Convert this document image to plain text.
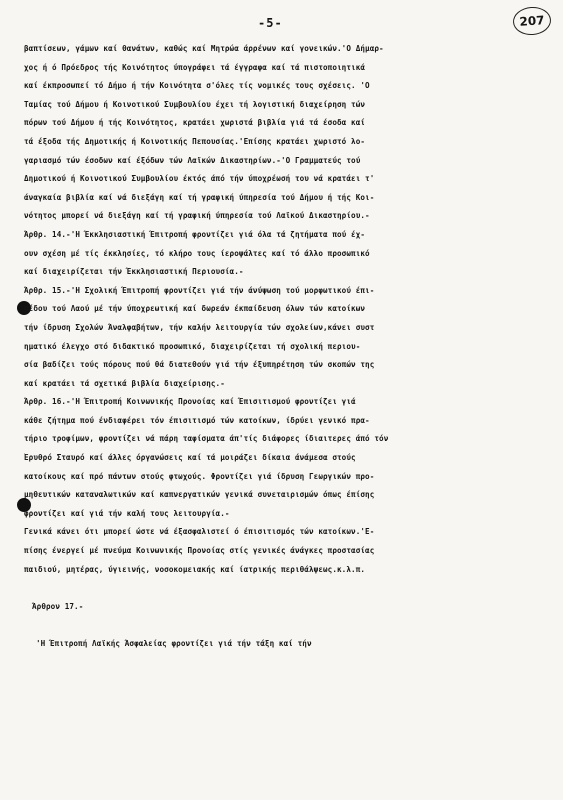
-5-	207
βαπτίσεων, γάμων καί θανάτων, καθώς καί Μητρώα άρρένων καί γονεικών.'Ο Δήμαρ-
χος ή ό Πρόεδρος τής Κοινότητος ύπογράφει τά έγγραφα καί τά πιστοποιητικά
καί έκπροσωπεί τό Δήμο ή τήν Κοινότητα σ'όλες τίς νομικές τους σχέσεις. 'Ο
Ταμίας τού Δήμου ή Κοινοτικού Συμβουλίου έχει τή λογιστική διαχείρηση τών
πόρων τού Δήμου ή τής Κοινότητος, κρατάει χωριστά βιβλία γιά τά έσοδα καί
τά έξοδα τής Δημοτικής ή Κοινοτικής Πεπουσίας.'Επίσης κρατάει χωριστό λο-
γαριασμό τών έσοδων καί έξόδων τών Λαϊκών Δικαστηρίων.-'Ο Γραμματεύς τού
Δημοτικού ή Κοινοτικού Συμβουλίου έκτός άπό τήν ύποχρέωσή του νά κρατάει τ'
άναγκαία βιβλία καί νά διεξάγη καί τή γραφική ύπηρεσία τού Δήμου ή τής Κοι-
νότητος μπορεί νά διεξάγη καί τή γραφική ύπηρεσία τού Λαϊκού Δικαστηρίου.-
Άρθρ. 14.-'Η Έκκλησιαστική Έπιτροπή φροντίζει γιά όλα τά ζητήματα πού έχ-
ουν σχέση μέ τίς έκκλησίες, τό κλήρο τους ίεροψάλτες καί τό άλλο προσωπικό
καί διαχειρίζεται τήν Έκκλησιαστική Περιουσία.-
Άρθρ. 15.-'Η Σχολική Έπιτροπή φροντίζει γιά τήν άνύψωση τού μορφωτικού έπι-
πέδου τού Λαού μέ τήν ύποχρεωτική καί δωρεάν έκπαίδευση όλων τών κατοίκων
τήν ίδρυση Σχολών Άναλφαβήτων, τήν καλήν λειτουργία τών σχολείων,κάνει συστ
ηματικό έλεγχο στό διδακτικό προσωπικό, διαχειρίζεται τή σχολική περιου-
σία βαδίζει τούς πόρους πού θά διατεθούν γιά τήν έξυπηρέτηση τών σκοπών της
καί κρατάει τά σχετικά βιβλία διαχείρισης.-
Άρθρ. 16.-'Η Έπιτροπή Κοινωνικής Προνοίας καί Έπισιτισμού φροντίζει γιά
κάθε ζήτημα πού ένδιαφέρει τόν έπισιτισμό τών κατοίκων, ίδρύει γενικό πρα-
τήριο τροφίμων, φροντίζει νά πάρη ταφίσματα άπ'τίς διάφορες ίδιαιτερες άπό τόν
Έρυθρό Σταυρό καί άλλες όργανώσεις καί τά μοιράζει δίκαια άνάμεσα στούς
κατοίκους καί πρό πάντων στούς φτωχούς. Φροντίζει γιά ίδρυση Γεωργικών προ-
μηθευτικών καταναλωτικών καί καπνεργατικών γενικά συνεταιρισμών όπως έπίσης
φροντίζει καί γιά τήν καλή τους λειτουργία.-
Γενικά κάνει ότι μπορεί ώστε νά έξασφαλιστεί ό έπισιτισμός τών κατοίκων.'Ε-
πίσης ένεργεί μέ πνεύμα Κοινωνικής Προνοίας στίς γενικές άνάγκες προστασίας
παιδιού, μητέρας, ύγιεινής, νοσοκομειακής καί ίατρικής περιθάλψεως.κ.λ.π.
Άρθρον 17.-
'Η Έπιτροπή Λαϊκής Άσφαλείας φροντίζει γιά τήν τάξη καί τήν
